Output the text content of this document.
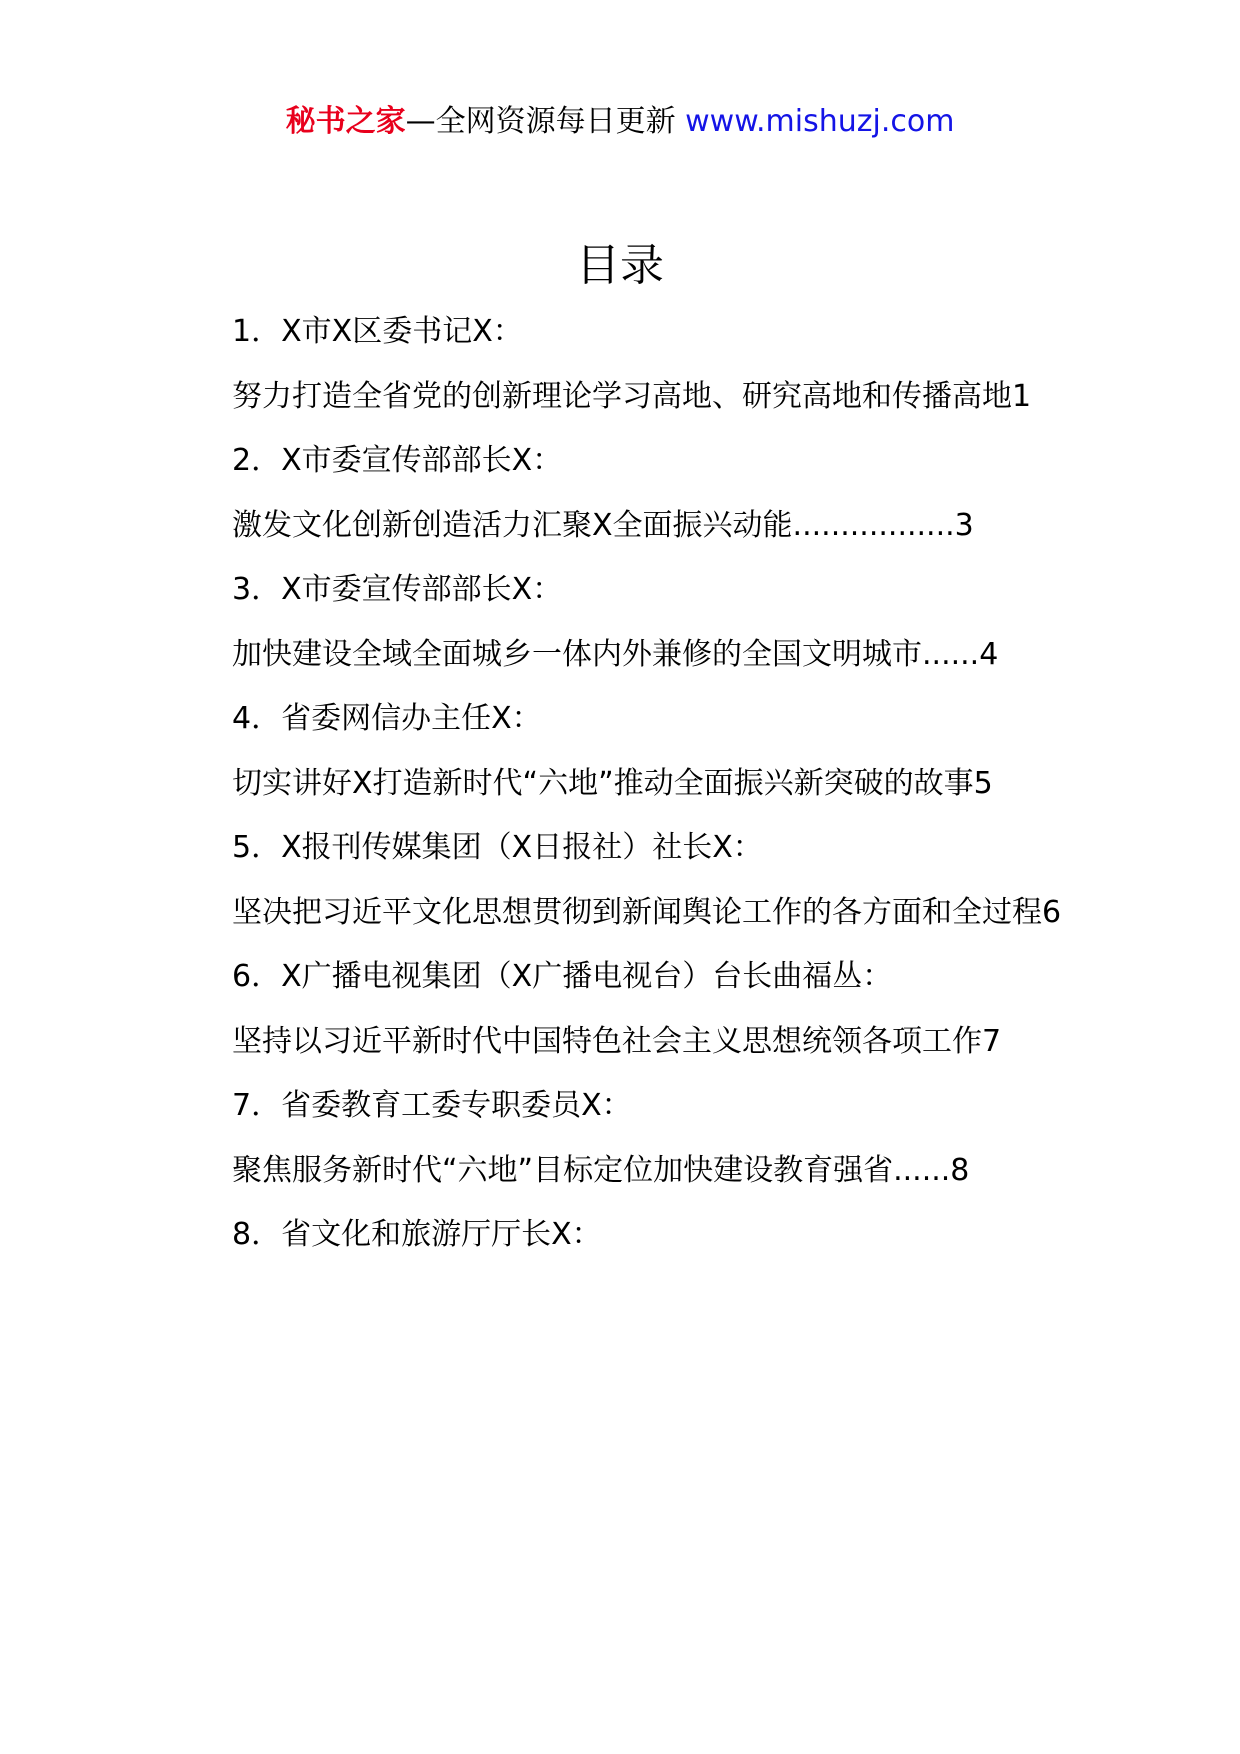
秘书之家—全网资源每日更新 www.mishuzj.com
目录

1．X市X区委书记X：

努力打造全省党的创新理论学习高地、研究高地和传播高地1

2．X市委宣传部部长X：

激发文化创新创造活力汇聚X全面振兴动能.................3

3．X市委宣传部部长X：

加快建设全域全面城乡一体内外兼修的全国文明城市......4

4．省委网信办主任X：

切实讲好X打造新时代“六地”推动全面振兴新突破的故事5

5．X报刊传媒集团（X日报社）社长X：

坚决把习近平文化思想贯彻到新闻舆论工作的各方面和全过程6

6．X广播电视集团（X广播电视台）台长曲福丛：

坚持以习近平新时代中国特色社会主义思想统领各项工作7

7．省委教育工委专职委员X：

聚焦服务新时代“六地”目标定位加快建设教育强省......8

8．省文化和旅游厅厅长X：
